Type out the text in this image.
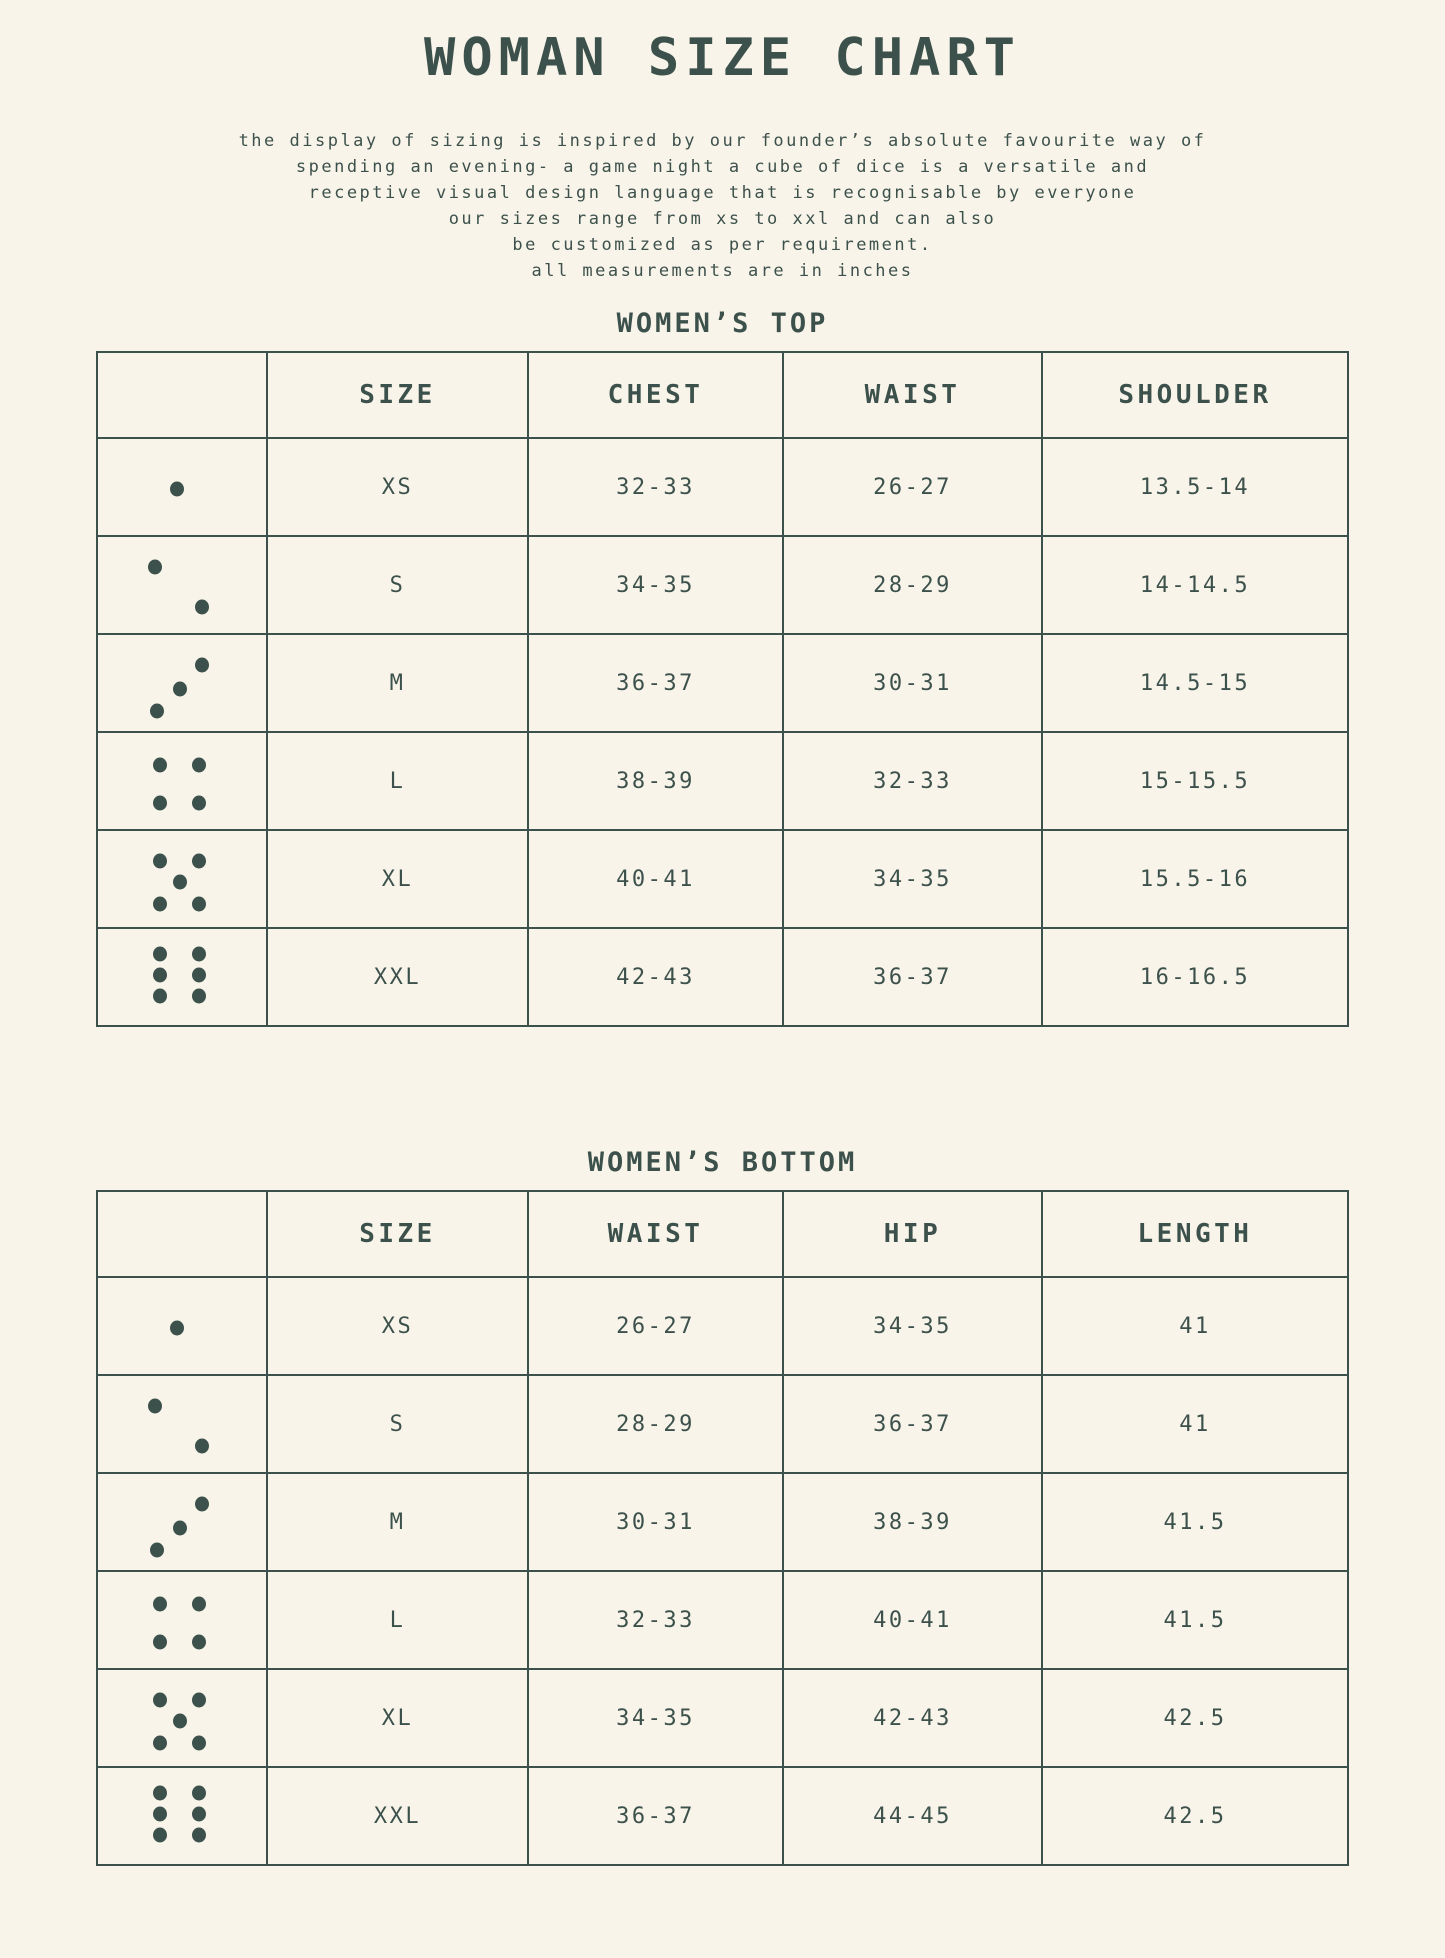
WOMAN SIZE CHART
the display of sizing is inspired by our founder’s absolute favourite way of
spending an evening- a game night a cube of dice is a versatile and
receptive visual design language that is recognisable by everyone
our sizes range from xs to xxl and can also
be customized as per requirement.
all measurements are in inches
WOMEN’S TOP
	SIZE	CHEST	WAIST	SHOULDER

	XS	32-33	26-27	13.5-14

	S	34-35	28-29	14-14.5

	M	36-37	30-31	14.5-15

	L	38-39	32-33	15-15.5

	XL	40-41	34-35	15.5-16

	XXL	42-43	36-37	16-16.5
WOMEN’S BOTTOM
	SIZE	WAIST	HIP	LENGTH

	XS	26-27	34-35	41

	S	28-29	36-37	41

	M	30-31	38-39	41.5

	L	32-33	40-41	41.5

	XL	34-35	42-43	42.5

	XXL	36-37	44-45	42.5
